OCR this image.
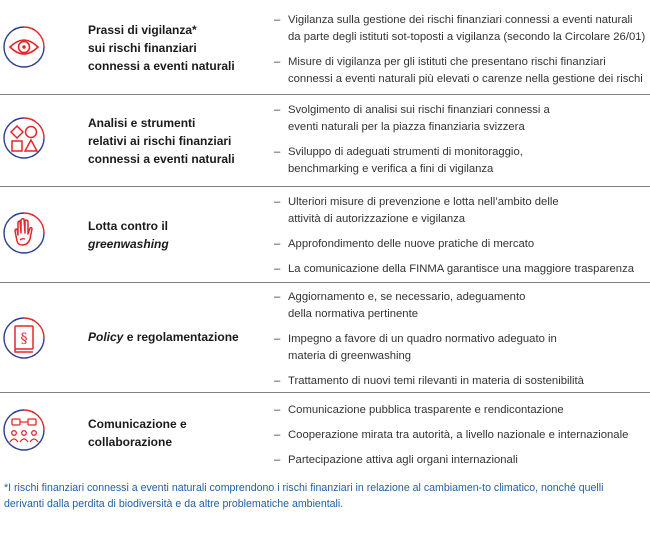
Prassi di vigilanza*
sui rischi finanziari
connessi a eventi naturali
– Vigilanza sulla gestione dei rischi finanziari connessi a eventi naturali da parte degli istituti sot-toposti a vigilanza (secondo la Circolare 26/01)
– Misure di vigilanza per gli istituti che presentano rischi finanziari connessi a eventi naturali più elevati o carenze nella gestione dei rischi
Analisi e strumenti
relativi ai rischi finanziari
connessi a eventi naturali
– Svolgimento di analisi sui rischi finanziari connessi a eventi naturali per la piazza finanziaria svizzera
– Sviluppo di adeguati strumenti di monitoraggio, benchmarking e verifica a fini di vigilanza
Lotta contro il
greenwashing
– Ulteriori misure di prevenzione e lotta nell’ambito delle attività di autorizzazione e vigilanza
– Approfondimento delle nuove pratiche di mercato
– La comunicazione della FINMA garantisce una maggiore trasparenza
§	Policy e regolamentazione
– Aggiornamento e, se necessario, adeguamento della normativa pertinente
– Impegno a favore di un quadro normativo adeguato in materia di greenwashing
– Trattamento di nuovi temi rilevanti in materia di sostenibilità
Comunicazione e
collaborazione
– Comunicazione pubblica trasparente e rendicontazione
– Cooperazione mirata tra autorità, a livello nazionale e internazionale
– Partecipazione attiva agli organi internazionali
*I rischi finanziari connessi a eventi naturali comprendono i rischi finanziari in relazione al cambiamen-to climatico, nonché quelli derivanti dalla perdita di biodiversità e da altre problematiche ambientali.
